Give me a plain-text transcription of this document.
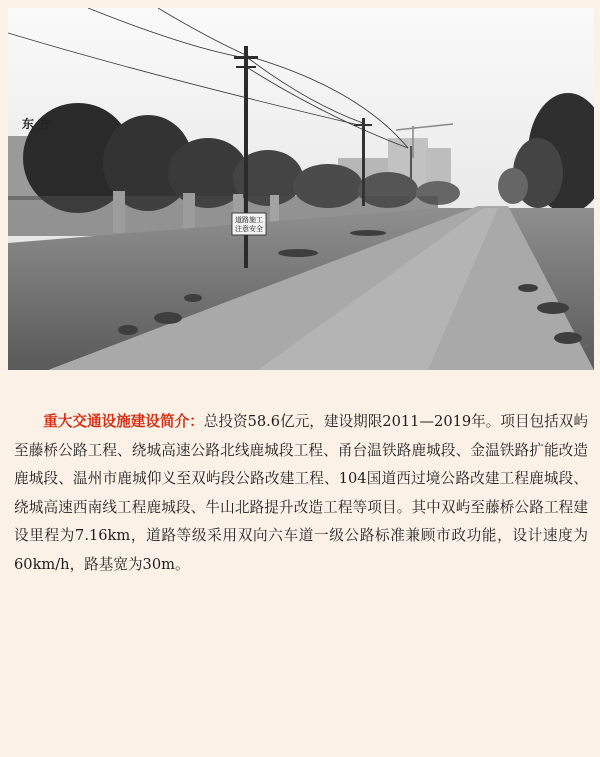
道路施工
注意安全
东 方

重大交通设施建设简介：总投资58.6亿元，建设期限2011—2019年。项目包括双屿至藤桥公路工程、绕城高速公路北线鹿城段工程、甬台温铁路鹿城段、金温铁路扩能改造鹿城段、温州市鹿城仰义至双屿段公路改建工程、104国道西过境公路改建工程鹿城段、绕城高速西南线工程鹿城段、牛山北路提升改造工程等项目。其中双屿至藤桥公路工程建设里程为7.16km，道路等级采用双向六车道一级公路标准兼顾市政功能，设计速度为60km/h，路基宽为30m。
